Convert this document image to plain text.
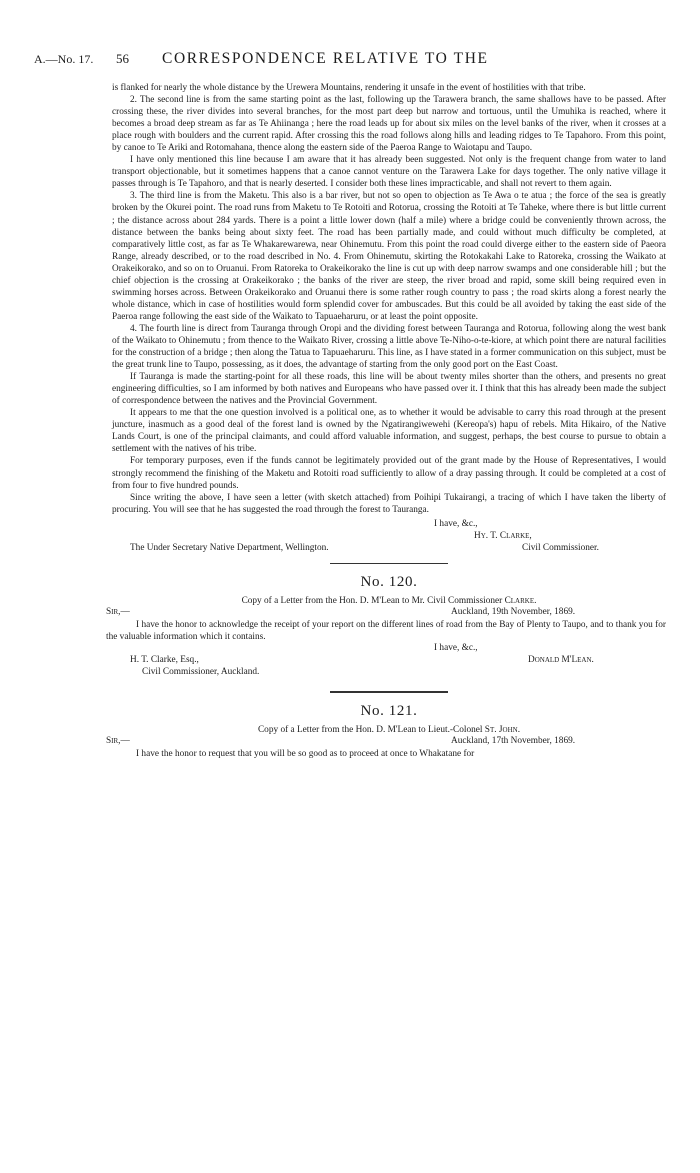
A.—No. 17. 56 CORRESPONDENCE RELATIVE TO THE

is flanked for nearly the whole distance by the Urewera Mountains, rendering it unsafe in the event of hostilities with that tribe.

2. The second line is from the same starting point as the last, following up the Tarawera branch, the same shallows have to be passed. After crossing these, the river divides into several branches, for the most part deep but narrow and tortuous, until the Umuhika is reached, where it becomes a broad deep stream as far as Te Ahiinanga ; here the road leads up for about six miles on the level banks of the river, when it crosses at a place rough with boulders and the current rapid. After crossing this the road follows along hills and leading ridges to Te Tapahoro. From this point, by canoe to Te Ariki and Rotomahana, thence along the eastern side of the Paeroa Range to Waiotapu and Taupo.

I have only mentioned this line because I am aware that it has already been suggested. Not only is the frequent change from water to land transport objectionable, but it sometimes happens that a canoe cannot venture on the Tarawera Lake for days together. The only native village it passes through is Te Tapahoro, and that is nearly deserted. I consider both these lines impracticable, and shall not revert to them again.

3. The third line is from the Maketu. This also is a bar river, but not so open to objection as Te Awa o te atua ; the force of the sea is greatly broken by the Okurei point. The road runs from Maketu to Te Rotoiti and Rotorua, crossing the Rotoiti at Te Taheke, where there is but little current ; the distance across about 284 yards. There is a point a little lower down (half a mile) where a bridge could be conveniently thrown across, the distance between the banks being about sixty feet. The road has been partially made, and could without much difficulty be completed, at comparatively little cost, as far as Te Whakarewarewa, near Ohinemutu. From this point the road could diverge either to the eastern side of Paeora Range, already described, or to the road described in No. 4. From Ohinemutu, skirting the Rotokakahi Lake to Ratoreka, crossing the Waikato at Orakeikorako, and so on to Oruanui. From Ratoreka to Orakeikorako the line is cut up with deep narrow swamps and one considerable hill ; but the chief objection is the crossing at Orakeikorako ; the banks of the river are steep, the river broad and rapid, some skill being required even in swimming horses across. Between Orakeikorako and Oruanui there is some rather rough country to pass ; the road skirts along a forest nearly the whole distance, which in case of hostilities would form splendid cover for ambuscades. But this could be all avoided by taking the east side of the Paeroa range following the east side of the Waikato to Tapuaeharuru, or at least the point opposite.

4. The fourth line is direct from Tauranga through Oropi and the dividing forest between Tauranga and Rotorua, following along the west bank of the Waikato to Ohinemutu ; from thence to the Waikato River, crossing a little above Te-Niho-o-te-kiore, at which point there are natural facilities for the construction of a bridge ; then along the Tatua to Tapuaeharuru. This line, as I have stated in a former communication on this subject, must be the great trunk line to Taupo, possessing, as it does, the advantage of starting from the only good port on the East Coast.

If Tauranga is made the starting-point for all these roads, this line will be about twenty miles shorter than the others, and presents no great engineering difficulties, so I am informed by both natives and Europeans who have passed over it. I think that this has already been made the subject of correspondence between the natives and the Provincial Government.

It appears to me that the one question involved is a political one, as to whether it would be advisable to carry this road through at the present juncture, inasmuch as a good deal of the forest land is owned by the Ngatirangiwewehi (Kereopa's) hapu of rebels. Mita Hikairo, of the Native Lands Court, is one of the principal claimants, and could afford valuable information, and suggest, perhaps, the best course to pursue to obtain a settlement with the natives of his tribe.

For temporary purposes, even if the funds cannot be legitimately provided out of the grant made by the House of Representatives, I would strongly recommend the finishing of the Maketu and Rotoiti road sufficiently to allow of a dray passing through. It could be completed at a cost of from four to five hundred pounds.

Since writing the above, I have seen a letter (with sketch attached) from Poihipi Tukairangi, a tracing of which I have taken the liberty of procuring. You will see that he has suggested the road through the forest to Tauranga.

I have, &c.,
Hy. T. Clarke,
The Under Secretary Native Department, Wellington.	Civil Commissioner.
No. 120.
Copy of a Letter from the Hon. D. M'Lean to Mr. Civil Commissioner Clarke.
Sir,—	Auckland, 19th November, 1869.

I have the honor to acknowledge the receipt of your report on the different lines of road from the Bay of Plenty to Taupo, and to thank you for the valuable information which it contains.

I have, &c.,
H. T. Clarke, Esq.,	Donald M'Lean.
Civil Commissioner, Auckland.
No. 121.
Copy of a Letter from the Hon. D. M'Lean to Lieut.-Colonel St. John.
Sir,—	Auckland, 17th November, 1869.

I have the honor to request that you will be so good as to proceed at once to Whakatane for
